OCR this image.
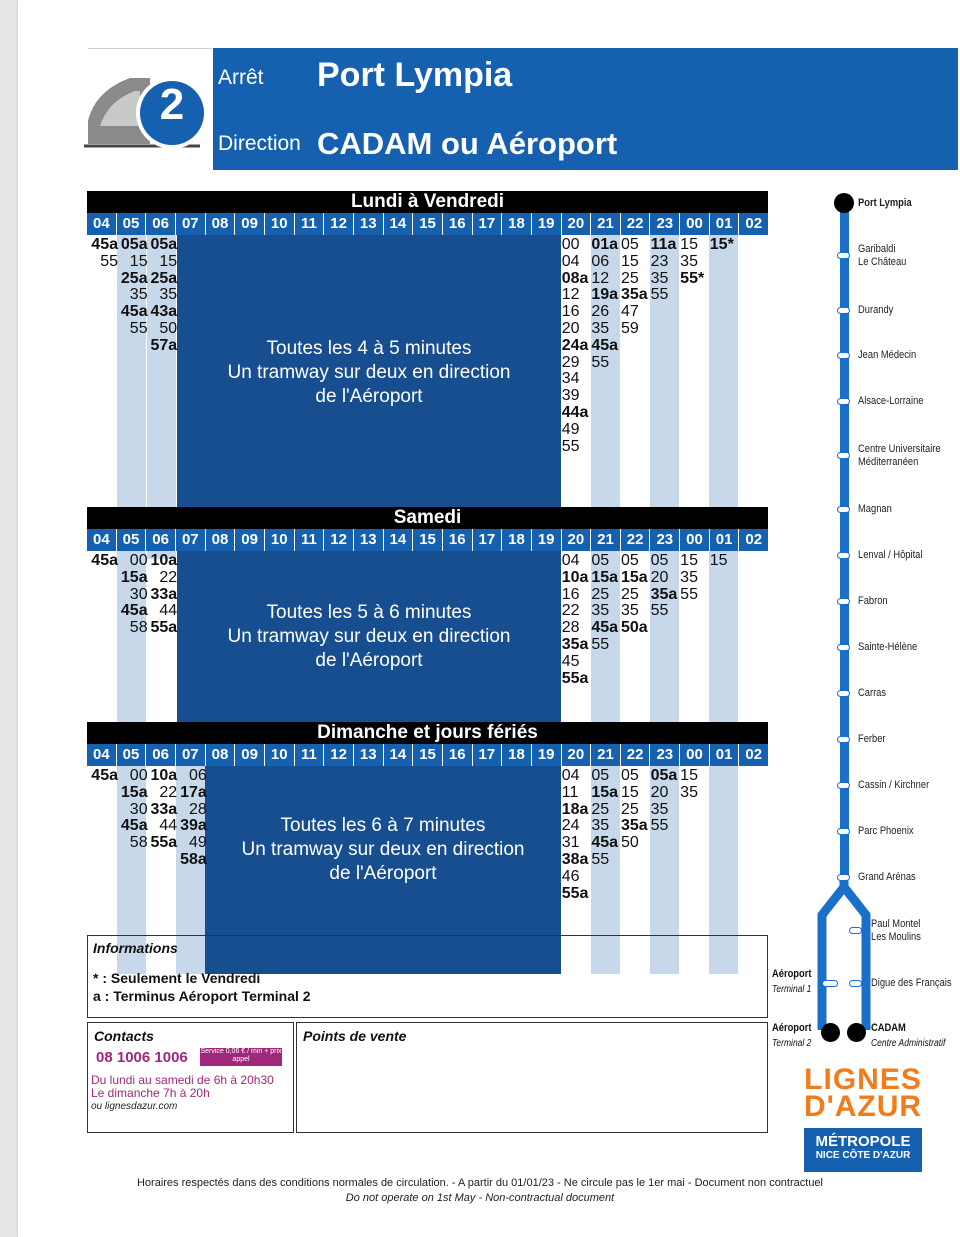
2
Arrêt Port Lympia
Direction CADAM ou Aéroport
Lundi à Vendredi
04 05 06 07 08 09 10 11 12 13 14 15 16 17 18 19 20 21 22 23 00 01 02
Toutes les 4 à 5 minutes
Un tramway sur deux en direction
de l'Aéroport
45a
55
05a
15
25a
35
45a
55
05a
15
25a
35
43a
50
57a
00
04
08a
12
16
20
24a
29
34
39
44a
49
55
01a
06
12
19a
26
35
45a
55
05
15
25
35a
47
59
11a
23
35
55
15
35
55*
15*
Samedi
04 05 06 07 08 09 10 11 12 13 14 15 16 17 18 19 20 21 22 23 00 01 02
Toutes les 5 à 6 minutes
Un tramway sur deux en direction
de l'Aéroport
45a 00
15a
30
45a
58
10a
22
33a
44
55a
04
10a
16
22
28
35a
45
55a
05
15a
25
35
45a
55
05
15a
25
35
50a
05
20
35a
55
15
35
55
15
Dimanche et jours fériés
04 05 06 07 08 09 10 11 12 13 14 15 16 17 18 19 20 21 22 23 00 01 02
Toutes les 6 à 7 minutes
Un tramway sur deux en direction
de l'Aéroport
45a 00
15a
30
45a
58
10a
22
33a
44
55a
06
17a
28
39a
49
58a
04
11
18a
24
31
38a
46
55a
05
15a
25
35
45a
55
05
15
25
35a
50
05a
20
35
55
15
35
Informations
* : Seulement le Vendredi
a : Terminus Aéroport Terminal 2
Contacts
08 1006 1006 Service 0,06 € / min + prix appel
Du lundi au samedi de 6h à 20h30
Le dimanche 7h à 20h
ou lignesdazur.com
Points de vente
Port Lympia
Garibaldi
Le Château
Durandy
Jean Médecin
Alsace-Lorraine
Centre Universitaire
Méditerranéen
Magnan
Lenval / Hôpital
Fabron
Sainte-Hélène
Carras
Ferber
Cassin / Kirchner
Parc Phoenix
Grand Arénas
Paul Montel
Les Moulins
Digue des Français
Aéroport
Terminal 1
Aéroport
Terminal 2
CADAM
Centre Administratif
LIGNES
D'AZUR
MÉTROPOLE
NICE CÔTE D'AZUR
Horaires respectés dans des conditions normales de circulation. - A partir du 01/01/23 - Ne circule pas le 1er mai - Document non contractuel
Do not operate on 1st May - Non-contractual document
